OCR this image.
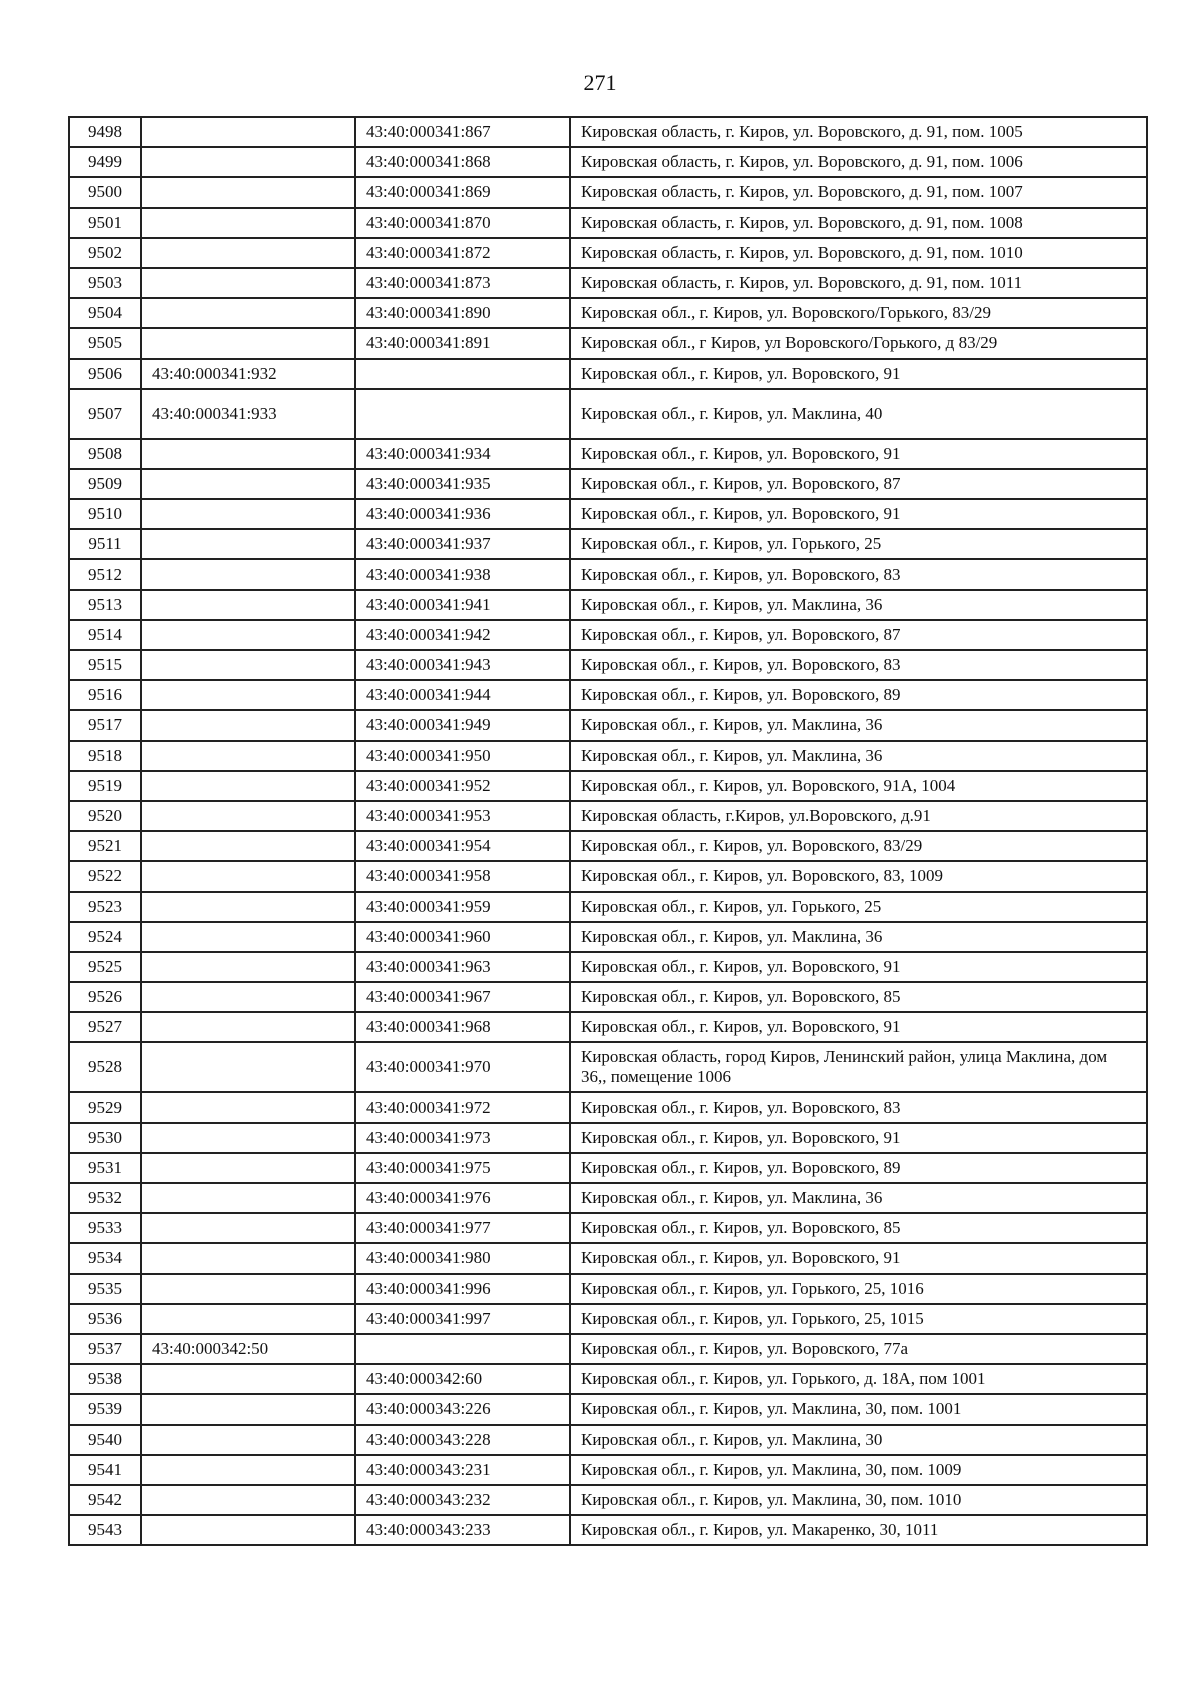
271
9498		43:40:000341:867	Кировская область, г. Киров, ул. Воровского, д. 91, пом. 1005
9499		43:40:000341:868	Кировская область, г. Киров, ул. Воровского, д. 91, пом. 1006
9500		43:40:000341:869	Кировская область, г. Киров, ул. Воровского, д. 91, пом. 1007
9501		43:40:000341:870	Кировская область, г. Киров, ул. Воровского, д. 91, пом. 1008
9502		43:40:000341:872	Кировская область, г. Киров, ул. Воровского, д. 91, пом. 1010
9503		43:40:000341:873	Кировская область, г. Киров, ул. Воровского, д. 91, пом. 1011
9504		43:40:000341:890	Кировская обл., г. Киров, ул. Воровского/Горького, 83/29
9505		43:40:000341:891	Кировская обл., г Киров, ул Воровского/Горького, д 83/29
9506	43:40:000341:932		Кировская обл., г. Киров, ул. Воровского, 91
9507	43:40:000341:933		Кировская обл., г. Киров, ул. Маклина, 40
9508		43:40:000341:934	Кировская обл., г. Киров, ул. Воровского, 91
9509		43:40:000341:935	Кировская обл., г. Киров, ул. Воровского, 87
9510		43:40:000341:936	Кировская обл., г. Киров, ул. Воровского, 91
9511		43:40:000341:937	Кировская обл., г. Киров, ул. Горького, 25
9512		43:40:000341:938	Кировская обл., г. Киров, ул. Воровского, 83
9513		43:40:000341:941	Кировская обл., г. Киров, ул. Маклина, 36
9514		43:40:000341:942	Кировская обл., г. Киров, ул. Воровского, 87
9515		43:40:000341:943	Кировская обл., г. Киров, ул. Воровского, 83
9516		43:40:000341:944	Кировская обл., г. Киров, ул. Воровского, 89
9517		43:40:000341:949	Кировская обл., г. Киров, ул. Маклина, 36
9518		43:40:000341:950	Кировская обл., г. Киров, ул. Маклина, 36
9519		43:40:000341:952	Кировская обл., г. Киров, ул. Воровского, 91А, 1004
9520		43:40:000341:953	Кировская область, г.Киров, ул.Воровского, д.91
9521		43:40:000341:954	Кировская обл., г. Киров, ул. Воровского, 83/29
9522		43:40:000341:958	Кировская обл., г. Киров, ул. Воровского, 83, 1009
9523		43:40:000341:959	Кировская обл., г. Киров, ул. Горького, 25
9524		43:40:000341:960	Кировская обл., г. Киров, ул. Маклина, 36
9525		43:40:000341:963	Кировская обл., г. Киров, ул. Воровского, 91
9526		43:40:000341:967	Кировская обл., г. Киров, ул. Воровского, 85
9527		43:40:000341:968	Кировская обл., г. Киров, ул. Воровского, 91
9528		43:40:000341:970	Кировская область, город Киров, Ленинский район, улица Маклина, дом 36,, помещение 1006
9529		43:40:000341:972	Кировская обл., г. Киров, ул. Воровского, 83
9530		43:40:000341:973	Кировская обл., г. Киров, ул. Воровского, 91
9531		43:40:000341:975	Кировская обл., г. Киров, ул. Воровского, 89
9532		43:40:000341:976	Кировская обл., г. Киров, ул. Маклина, 36
9533		43:40:000341:977	Кировская обл., г. Киров, ул. Воровского, 85
9534		43:40:000341:980	Кировская обл., г. Киров, ул. Воровского, 91
9535		43:40:000341:996	Кировская обл., г. Киров, ул. Горького, 25, 1016
9536		43:40:000341:997	Кировская обл., г. Киров, ул. Горького, 25, 1015
9537	43:40:000342:50		Кировская обл., г. Киров, ул. Воровского, 77а
9538		43:40:000342:60	Кировская обл., г. Киров, ул. Горького, д. 18А, пом 1001
9539		43:40:000343:226	Кировская обл., г. Киров, ул. Маклина, 30, пом. 1001
9540		43:40:000343:228	Кировская обл., г. Киров, ул. Маклина, 30
9541		43:40:000343:231	Кировская обл., г. Киров, ул. Маклина, 30, пом. 1009
9542		43:40:000343:232	Кировская обл., г. Киров, ул. Маклина, 30, пом. 1010
9543		43:40:000343:233	Кировская обл., г. Киров, ул. Макаренко, 30, 1011
